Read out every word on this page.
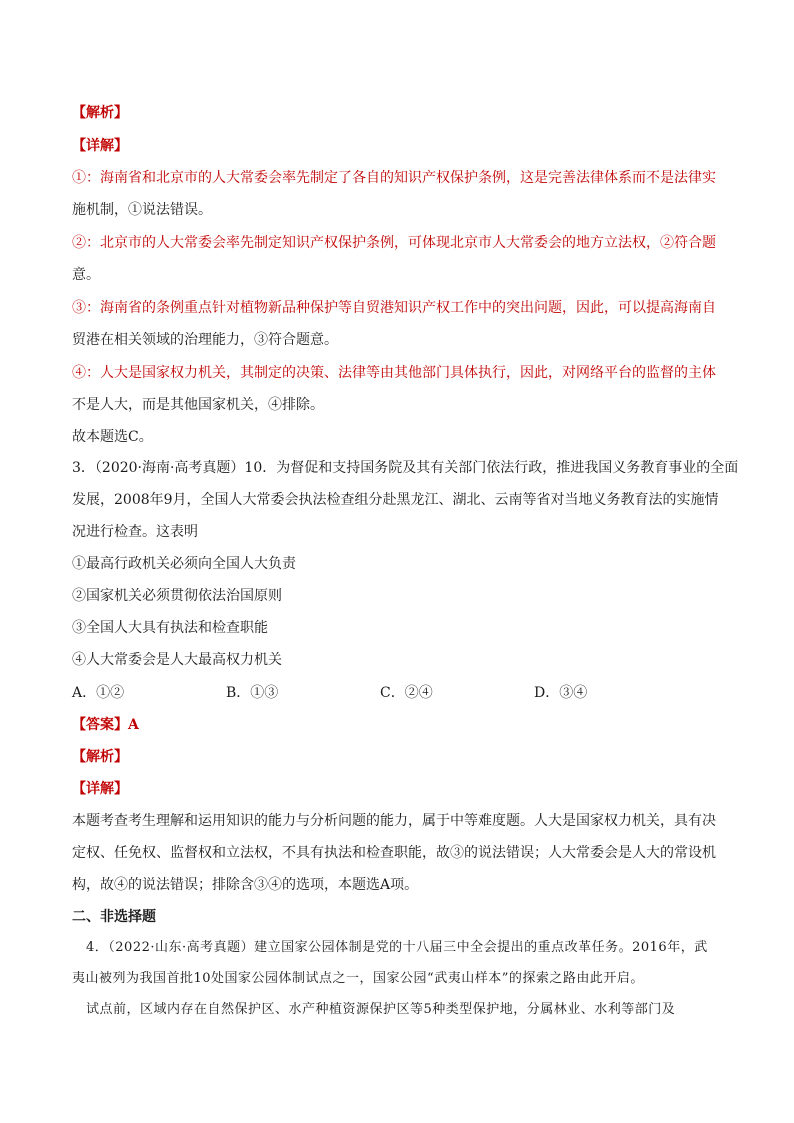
【解析】
【详解】
①：海南省和北京市的人大常委会率先制定了各自的知识产权保护条例，这是完善法律体系而不是法律实
施机制，①说法错误。
②：北京市的人大常委会率先制定知识产权保护条例，可体现北京市人大常委会的地方立法权，②符合题
意。
③：海南省的条例重点针对植物新品种保护等自贸港知识产权工作中的突出问题，因此，可以提高海南自
贸港在相关领域的治理能力，③符合题意。
④：人大是国家权力机关，其制定的决策、法律等由其他部门具体执行，因此，对网络平台的监督的主体
不是人大，而是其他国家机关，④排除。
故本题选C。
3．（2020·海南·高考真题）10．为督促和支持国务院及其有关部门依法行政，推进我国义务教育事业的全面
发展，2008年9月，全国人大常委会执法检查组分赴黑龙江、湖北、云南等省对当地义务教育法的实施情
况进行检查。这表明
①最高行政机关必须向全国人大负责
②国家机关必须贯彻依法治国原则
③全国人大具有执法和检查职能
④人大常委会是人大最高权力机关
A．①②	B．①③	C．②④	D．③④
【答案】A
【解析】
【详解】
本题考查考生理解和运用知识的能力与分析问题的能力，属于中等难度题。人大是国家权力机关，具有决
定权、任免权、监督权和立法权，不具有执法和检查职能，故③的说法错误；人大常委会是人大的常设机
构，故④的说法错误；排除含③④的选项，本题选A项。
二、非选择题
4．（2022·山东·高考真题）建立国家公园体制是党的十八届三中全会提出的重点改革任务。2016年，武
夷山被列为我国首批10处国家公园体制试点之一，国家公园“武夷山样本”的探索之路由此开启。
试点前，区域内存在自然保护区、水产种植资源保护区等5种类型保护地，分属林业、水利等部门及
